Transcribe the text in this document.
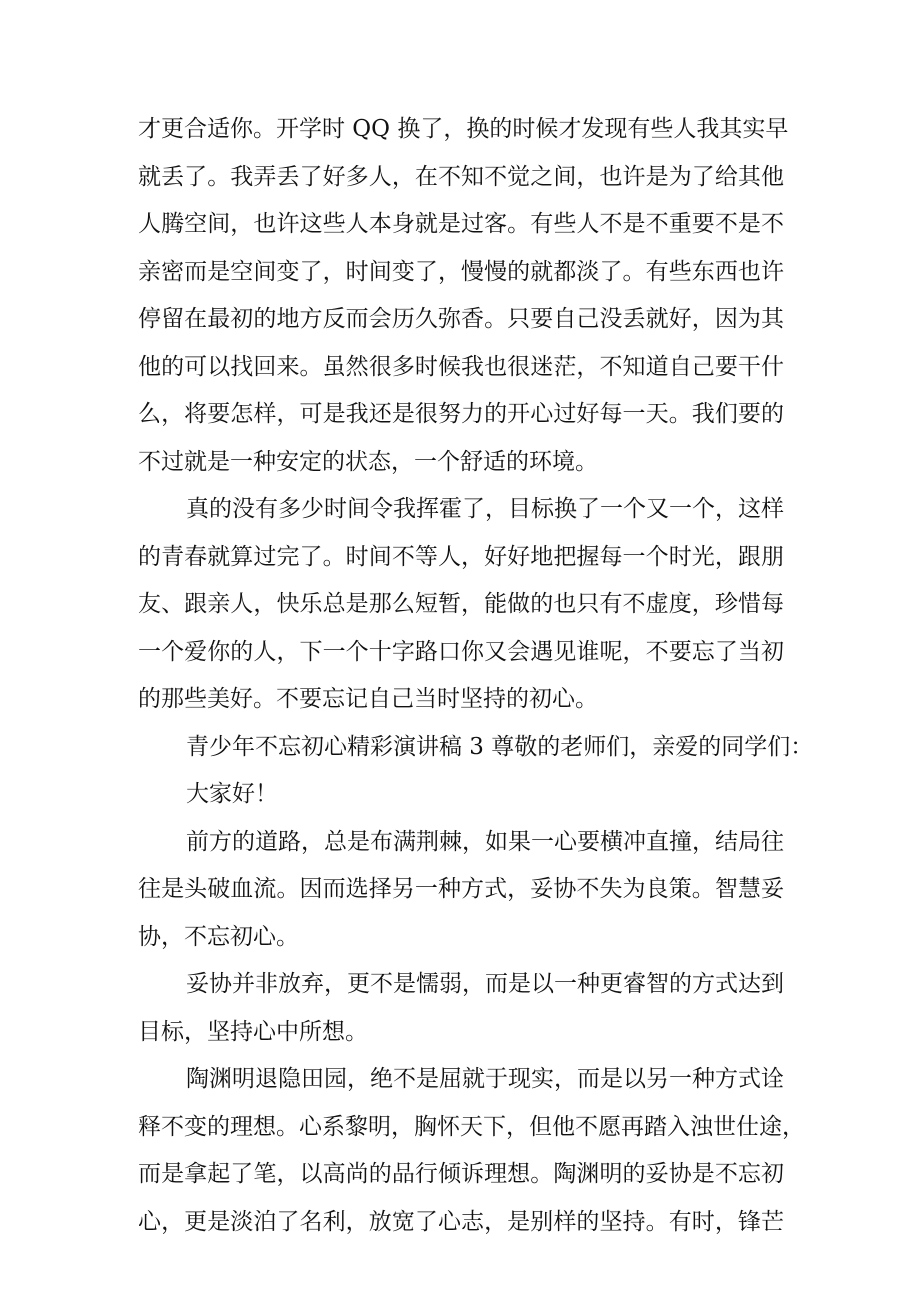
才更合适你。开学时 QQ 换了，换的时候才发现有些人我其实早
就丢了。我弄丢了好多人，在不知不觉之间，也许是为了给其他
人腾空间，也许这些人本身就是过客。有些人不是不重要不是不
亲密而是空间变了，时间变了，慢慢的就都淡了。有些东西也许
停留在最初的地方反而会历久弥香。只要自己没丢就好，因为其
他的可以找回来。虽然很多时候我也很迷茫，不知道自己要干什
么，将要怎样，可是我还是很努力的开心过好每一天。我们要的
不过就是一种安定的状态，一个舒适的环境。
真的没有多少时间令我挥霍了，目标换了一个又一个，这样
的青春就算过完了。时间不等人，好好地把握每一个时光，跟朋
友、跟亲人，快乐总是那么短暂，能做的也只有不虚度，珍惜每
一个爱你的人，下一个十字路口你又会遇见谁呢，不要忘了当初
的那些美好。不要忘记自己当时坚持的初心。
青少年不忘初心精彩演讲稿 3 尊敬的老师们，亲爱的同学们：
大家好！
前方的道路，总是布满荆棘，如果一心要横冲直撞，结局往
往是头破血流。因而选择另一种方式，妥协不失为良策。智慧妥
协，不忘初心。
妥协并非放弃，更不是懦弱，而是以一种更睿智的方式达到
目标，坚持心中所想。
陶渊明退隐田园，绝不是屈就于现实，而是以另一种方式诠
释不变的理想。心系黎明，胸怀天下，但他不愿再踏入浊世仕途，
而是拿起了笔，以高尚的品行倾诉理想。陶渊明的妥协是不忘初
心，更是淡泊了名利，放宽了心志，是别样的坚持。有时，锋芒
